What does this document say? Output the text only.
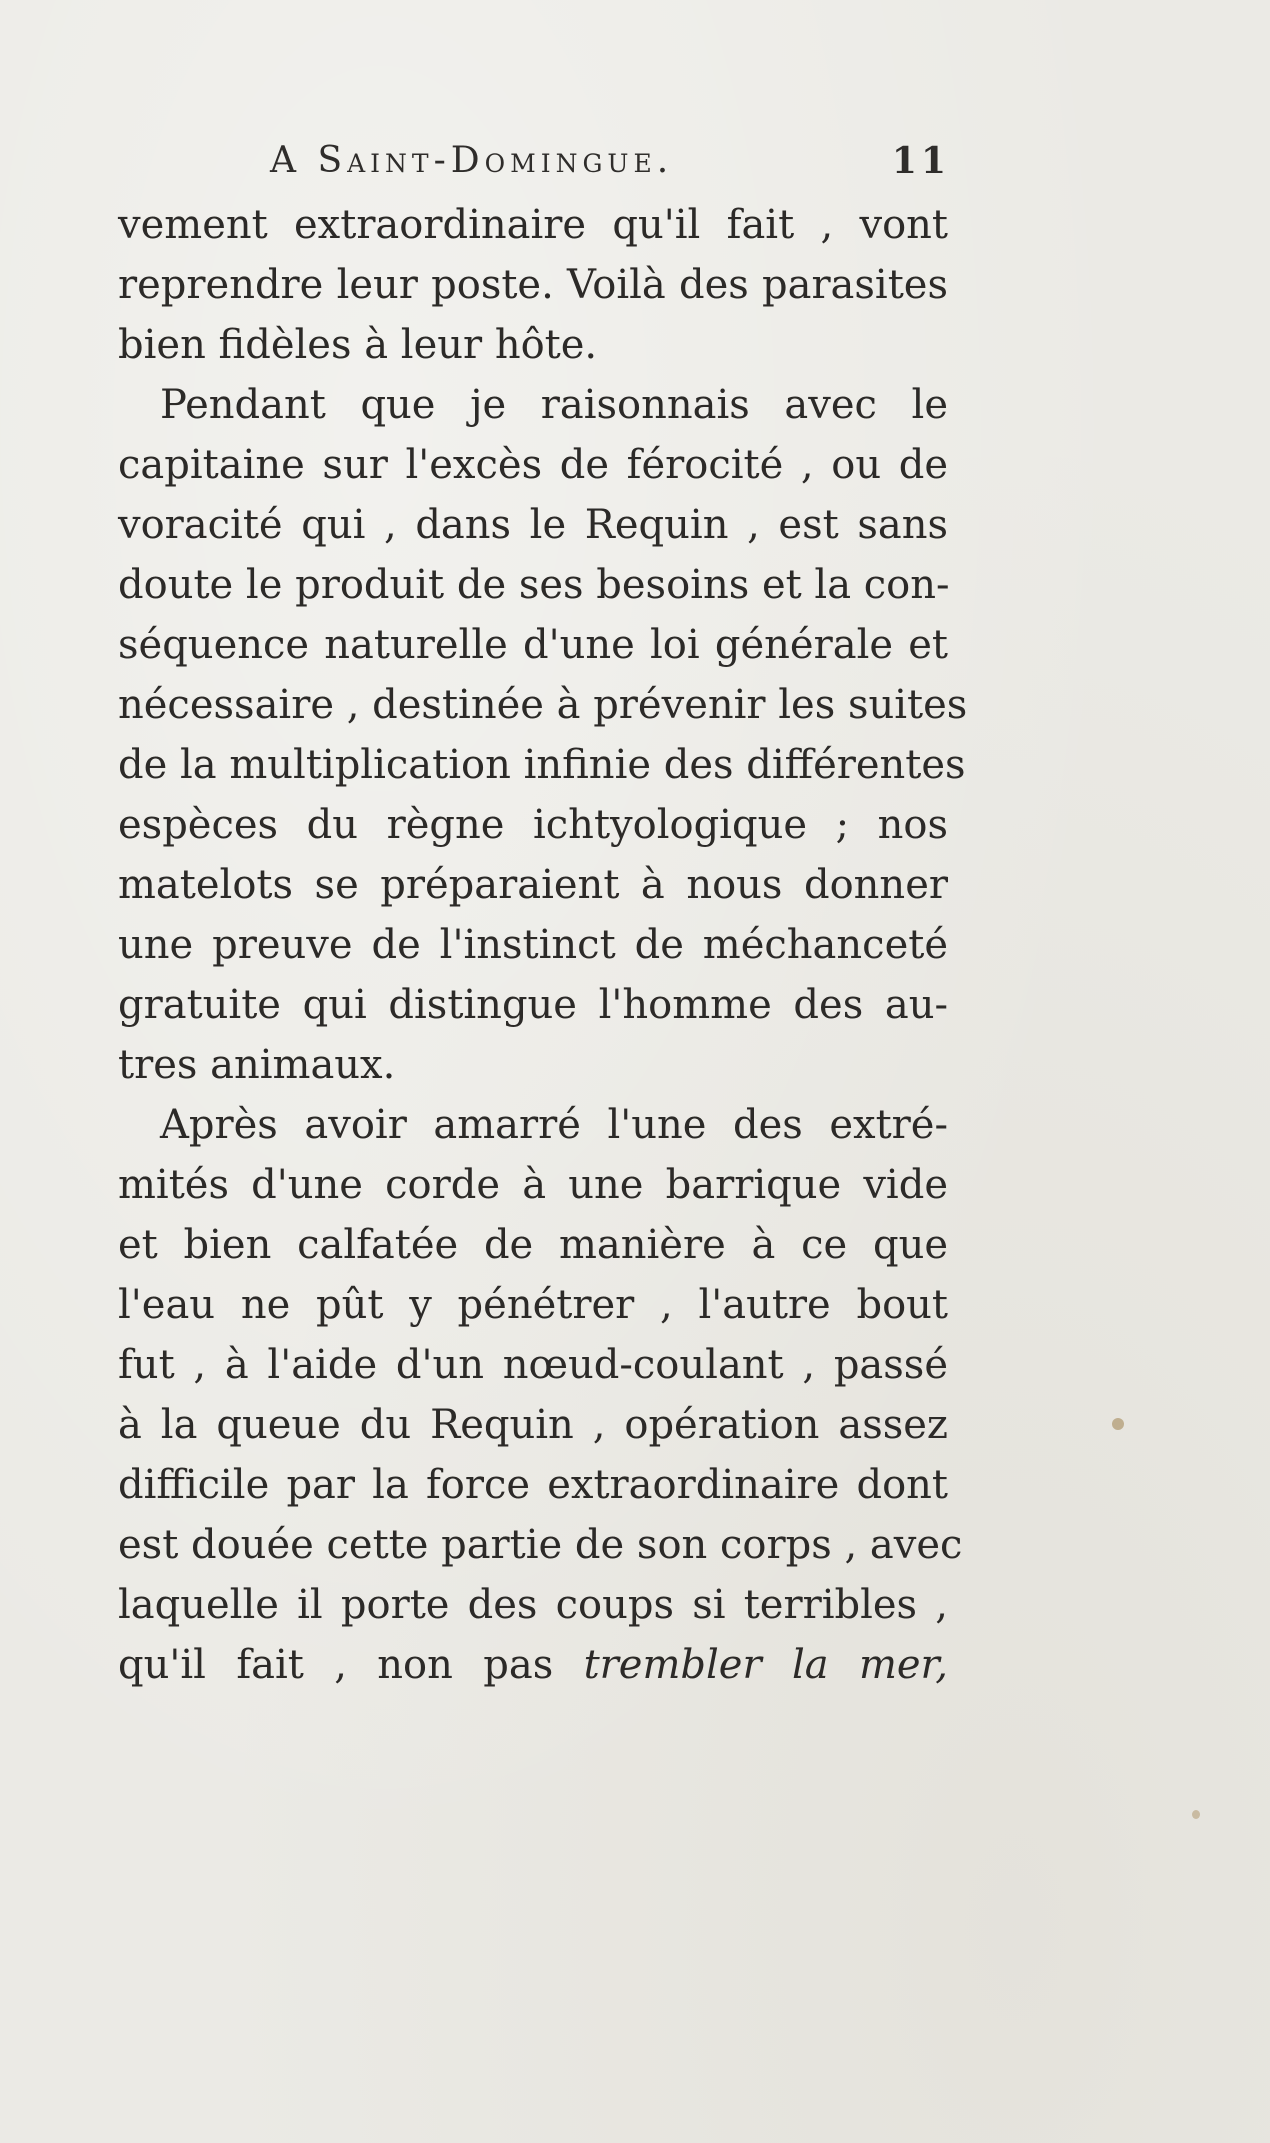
A Saint-Domingue.	11
vement extraordinaire qu'il fait , vont
reprendre leur poste. Voilà des parasites
bien fidèles à leur hôte.
Pendant que je raisonnais avec le
capitaine sur l'excès de férocité , ou de
voracité qui , dans le Requin , est sans
doute le produit de ses besoins et la con-
séquence naturelle d'une loi générale et
nécessaire , destinée à prévenir les suites
de la multiplication infinie des différentes
espèces du règne ichtyologique ; nos
matelots se préparaient à nous donner
une preuve de l'instinct de méchanceté
gratuite qui distingue l'homme des au-
tres animaux.
Après avoir amarré l'une des extré-
mités d'une corde à une barrique vide
et bien calfatée de manière à ce que
l'eau ne pût y pénétrer , l'autre bout
fut , à l'aide d'un nœud-coulant , passé
à la queue du Requin , opération assez
difficile par la force extraordinaire dont
est douée cette partie de son corps , avec
laquelle il porte des coups si terribles ,
qu'il fait , non pas trembler la mer,
